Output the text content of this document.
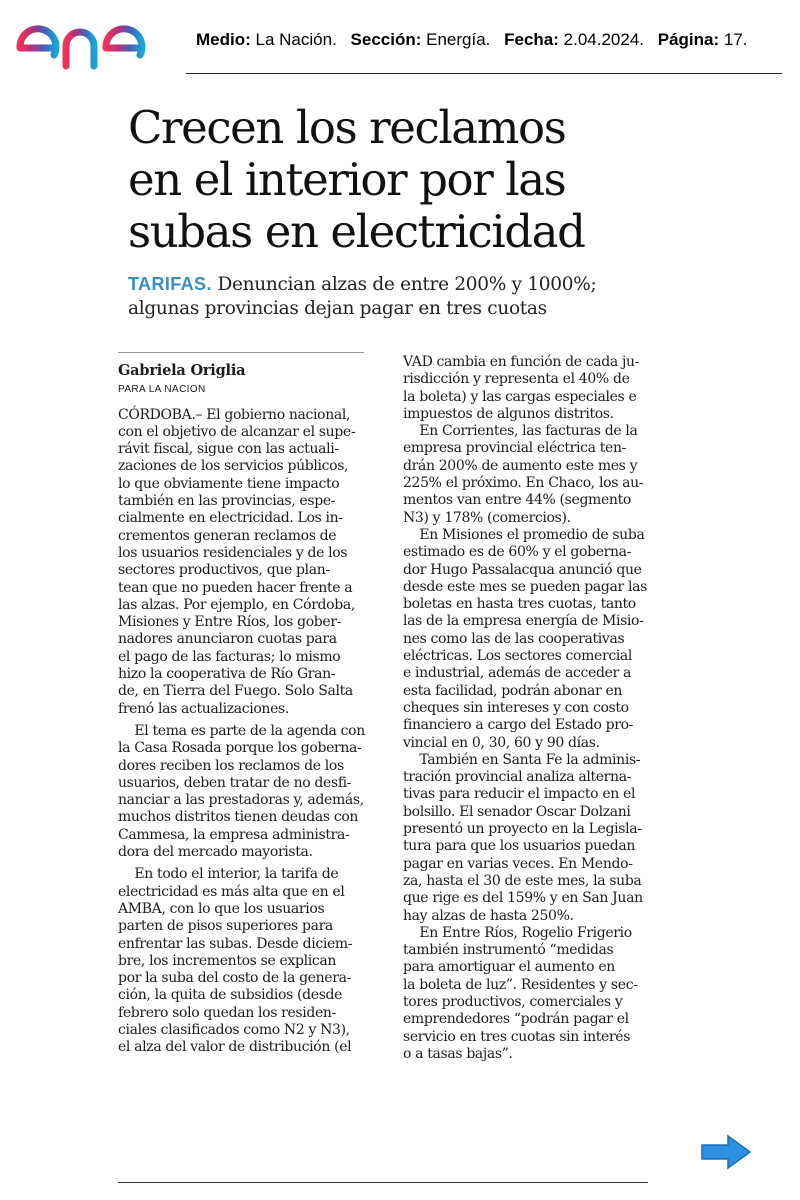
Medio: La Nación. Sección: Energía. Fecha: 2.04.2024. Página: 17.
Crecen los reclamos
en el interior por las
subas en electricidad
TARIFAS. Denuncian alzas de entre 200% y 1000%;
algunas provincias dejan pagar en tres cuotas
Gabriela Origlia
PARA LA NACION
CÓRDOBA.– El gobierno nacional,
con el objetivo de alcanzar el supe-
rávit fiscal, sigue con las actuali-
zaciones de los servicios públicos,
lo que obviamente tiene impacto
también en las provincias, espe-
cialmente en electricidad. Los in-
crementos generan reclamos de
los usuarios residenciales y de los
sectores productivos, que plan-
tean que no pueden hacer frente a
las alzas. Por ejemplo, en Córdoba,
Misiones y Entre Ríos, los gober-
nadores anunciaron cuotas para
el pago de las facturas; lo mismo
hizo la cooperativa de Río Gran-
de, en Tierra del Fuego. Solo Salta
frenó las actualizaciones.
El tema es parte de la agenda con
la Casa Rosada porque los goberna-
dores reciben los reclamos de los
usuarios, deben tratar de no desfi-
nanciar a las prestadoras y, además,
muchos distritos tienen deudas con
Cammesa, la empresa administra-
dora del mercado mayorista.
En todo el interior, la tarifa de
electricidad es más alta que en el
AMBA, con lo que los usuarios
parten de pisos superiores para
enfrentar las subas. Desde diciem-
bre, los incrementos se explican
por la suba del costo de la genera-
ción, la quita de subsidios (desde
febrero solo quedan los residen-
ciales clasificados como N2 y N3),
el alza del valor de distribución (el
VAD cambia en función de cada ju-
risdicción y representa el 40% de
la boleta) y las cargas especiales e
impuestos de algunos distritos.
En Corrientes, las facturas de la
empresa provincial eléctrica ten-
drán 200% de aumento este mes y
225% el próximo. En Chaco, los au-
mentos van entre 44% (segmento
N3) y 178% (comercios).
En Misiones el promedio de suba
estimado es de 60% y el goberna-
dor Hugo Passalacqua anunció que
desde este mes se pueden pagar las
boletas en hasta tres cuotas, tanto
las de la empresa energía de Misio-
nes como las de las cooperativas
eléctricas. Los sectores comercial
e industrial, además de acceder a
esta facilidad, podrán abonar en
cheques sin intereses y con costo
financiero a cargo del Estado pro-
vincial en 0, 30, 60 y 90 días.
También en Santa Fe la adminis-
tración provincial analiza alterna-
tivas para reducir el impacto en el
bolsillo. El senador Oscar Dolzani
presentó un proyecto en la Legisla-
tura para que los usuarios puedan
pagar en varias veces. En Mendo-
za, hasta el 30 de este mes, la suba
que rige es del 159% y en San Juan
hay alzas de hasta 250%.
En Entre Ríos, Rogelio Frigerio
también instrumentó “medidas
para amortiguar el aumento en
la boleta de luz”. Residentes y sec-
tores productivos, comerciales y
emprendedores “podrán pagar el
servicio en tres cuotas sin interés
o a tasas bajas”.
